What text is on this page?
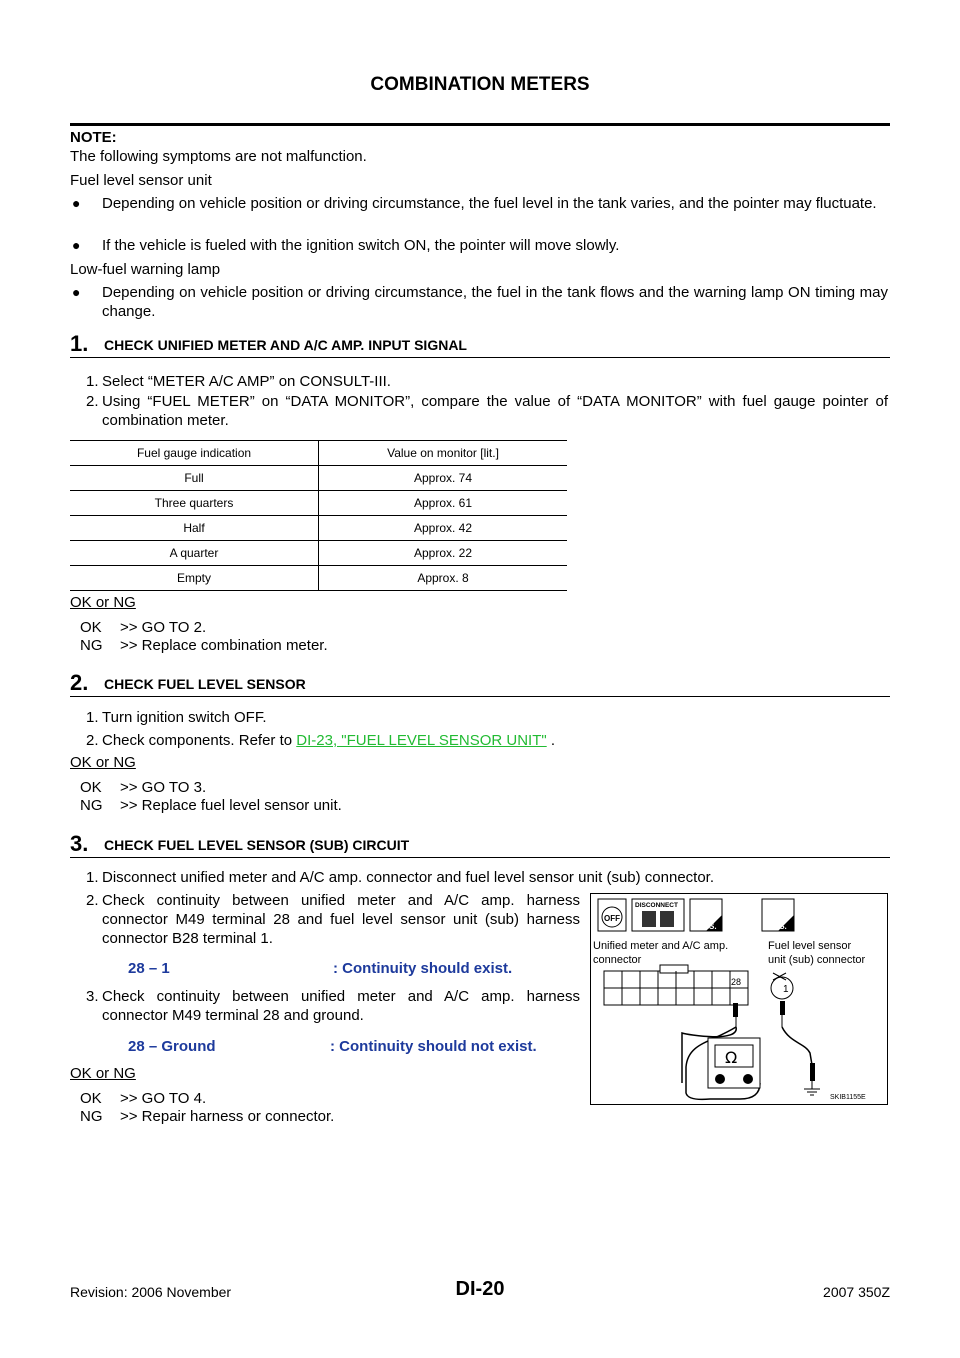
COMBINATION METERS
NOTE:
The following symptoms are not malfunction.
Fuel level sensor unit
● Depending on vehicle position or driving circumstance, the fuel level in the tank varies, and the pointer may fluctuate.
● If the vehicle is fueled with the ignition switch ON, the pointer will move slowly.
Low-fuel warning lamp
● Depending on vehicle position or driving circumstance, the fuel in the tank flows and the warning lamp ON timing may change.
1. CHECK UNIFIED METER AND A/C AMP. INPUT SIGNAL
1. Select “METER A/C AMP” on CONSULT-III.
2. Using “FUEL METER” on “DATA MONITOR”, compare the value of “DATA MONITOR” with fuel gauge pointer of combination meter.
Fuel gauge indication	Value on monitor [lit.]
Full	Approx. 74
Three quarters	Approx. 61
Half	Approx. 42
A quarter	Approx. 22
Empty	Approx. 8
OK or NG
OK >> GO TO 2.
NG >> Replace combination meter.
2. CHECK FUEL LEVEL SENSOR
1. Turn ignition switch OFF.
2. Check components. Refer to DI-23, "FUEL LEVEL SENSOR UNIT" .
OK or NG
OK >> GO TO 3.
NG >> Replace fuel level sensor unit.
3. CHECK FUEL LEVEL SENSOR (SUB) CIRCUIT
1. Disconnect unified meter and A/C amp. connector and fuel level sensor unit (sub) connector.
2. Check continuity between unified meter and A/C amp. harness connector M49 terminal 28 and fuel level sensor unit (sub) harness connector B28 terminal 1.
28 – 1	: Continuity should exist.
3. Check continuity between unified meter and A/C amp. harness connector M49 terminal 28 and ground.
28 – Ground	: Continuity should not exist.
OK or NG
OK >> GO TO 4.
NG >> Repair harness or connector.
OFF
DISCONNECT
H.S.	T.S.
Unified meter and A/C amp.
connector
Fuel level sensor
unit (sub) connector
28
1
Ω
SKIB1155E
Revision: 2006 November	DI-20	2007 350Z
